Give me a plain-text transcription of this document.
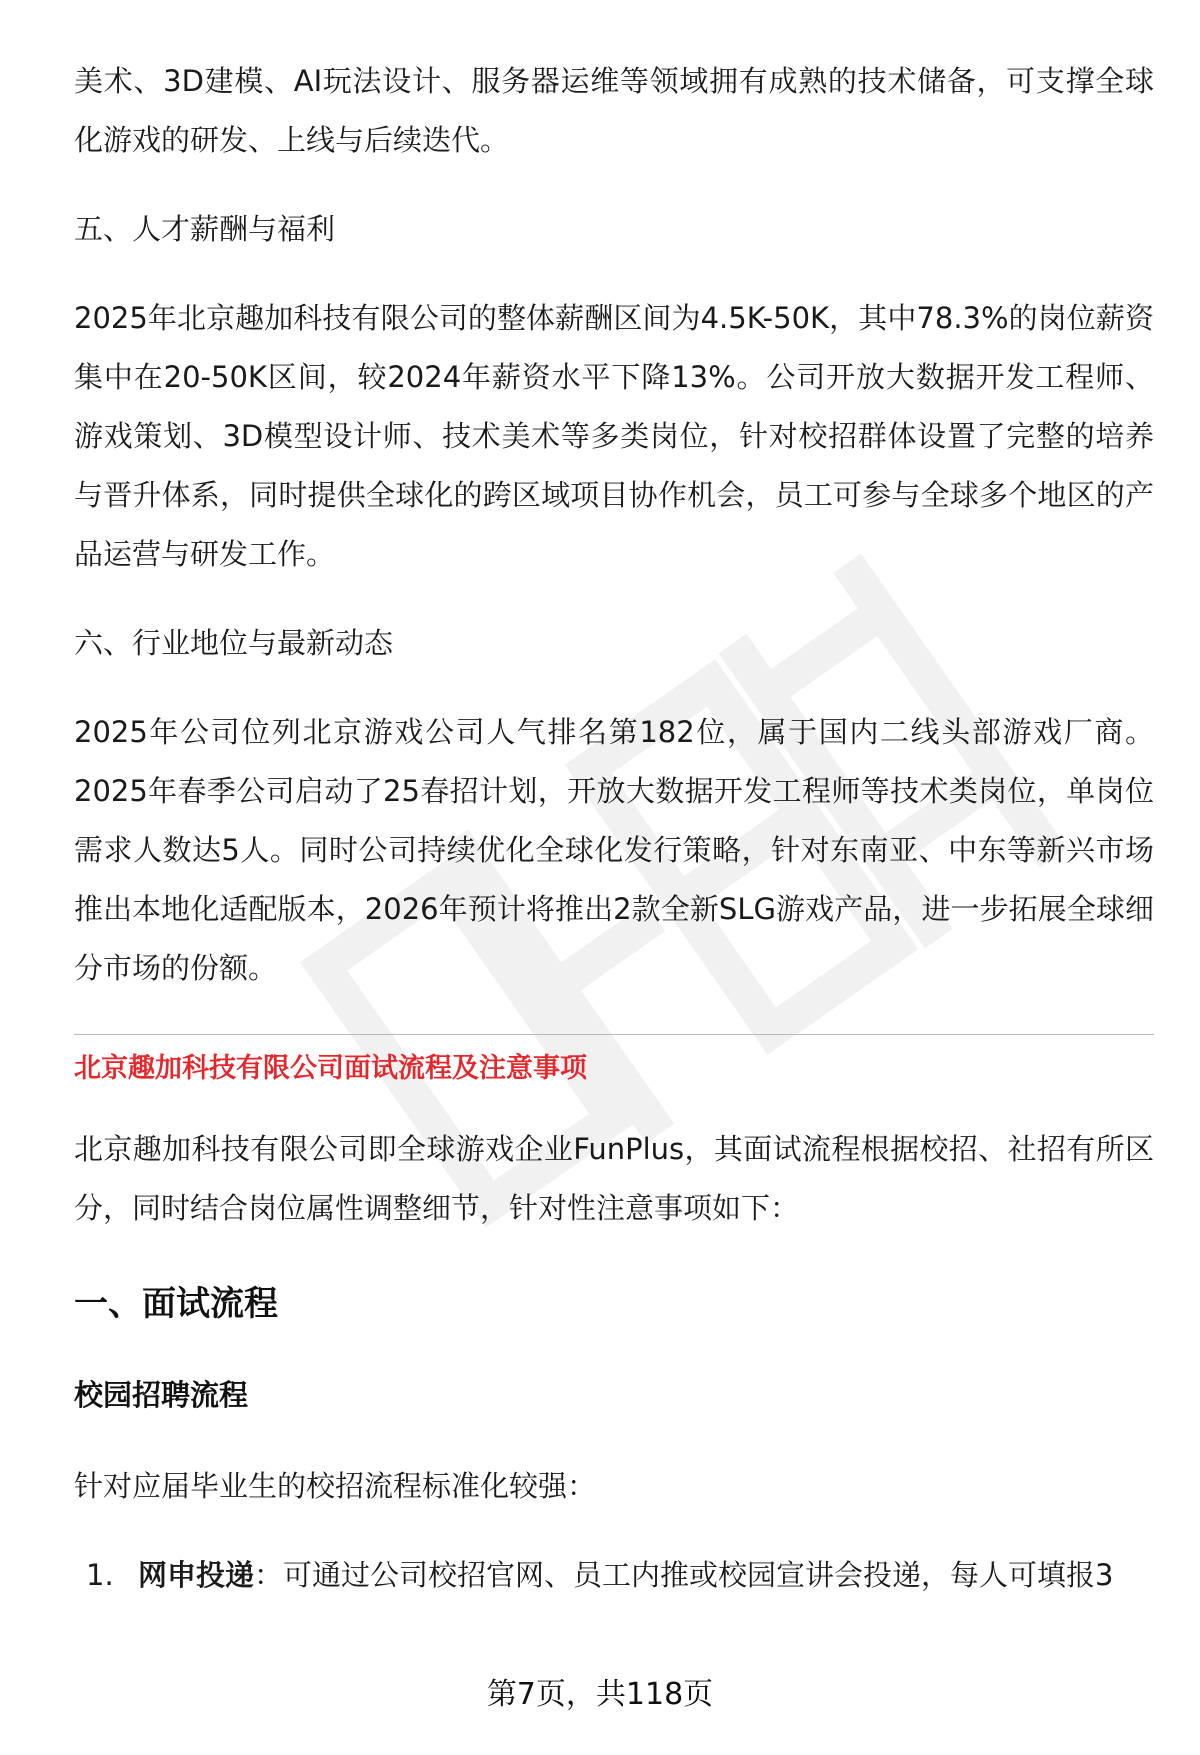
美术、3D建模、AI玩法设计、服务器运维等领域拥有成熟的技术储备，可支撑全球化游戏的研发、上线与后续迭代。

五、人才薪酬与福利

2025年北京趣加科技有限公司的整体薪酬区间为4.5K-50K，其中78.3%的岗位薪资集中在20-50K区间，较2024年薪资水平下降13%。公司开放大数据开发工程师、游戏策划、3D模型设计师、技术美术等多类岗位，针对校招群体设置了完整的培养与晋升体系，同时提供全球化的跨区域项目协作机会，员工可参与全球多个地区的产品运营与研发工作。

六、行业地位与最新动态

2025年公司位列北京游戏公司人气排名第182位，属于国内二线头部游戏厂商。2025年春季公司启动了25春招计划，开放大数据开发工程师等技术类岗位，单岗位需求人数达5人。同时公司持续优化全球化发行策略，针对东南亚、中东等新兴市场推出本地化适配版本，2026年预计将推出2款全新SLG游戏产品，进一步拓展全球细分市场的份额。

北京趣加科技有限公司面试流程及注意事项

北京趣加科技有限公司即全球游戏企业FunPlus，其面试流程根据校招、社招有所区分，同时结合岗位属性调整细节，针对性注意事项如下：

一、面试流程

校园招聘流程

针对应届毕业生的校招流程标准化较强：

1. 网申投递：可通过公司校招官网、员工内推或校园宣讲会投递，每人可填报3
第7页，共118页
